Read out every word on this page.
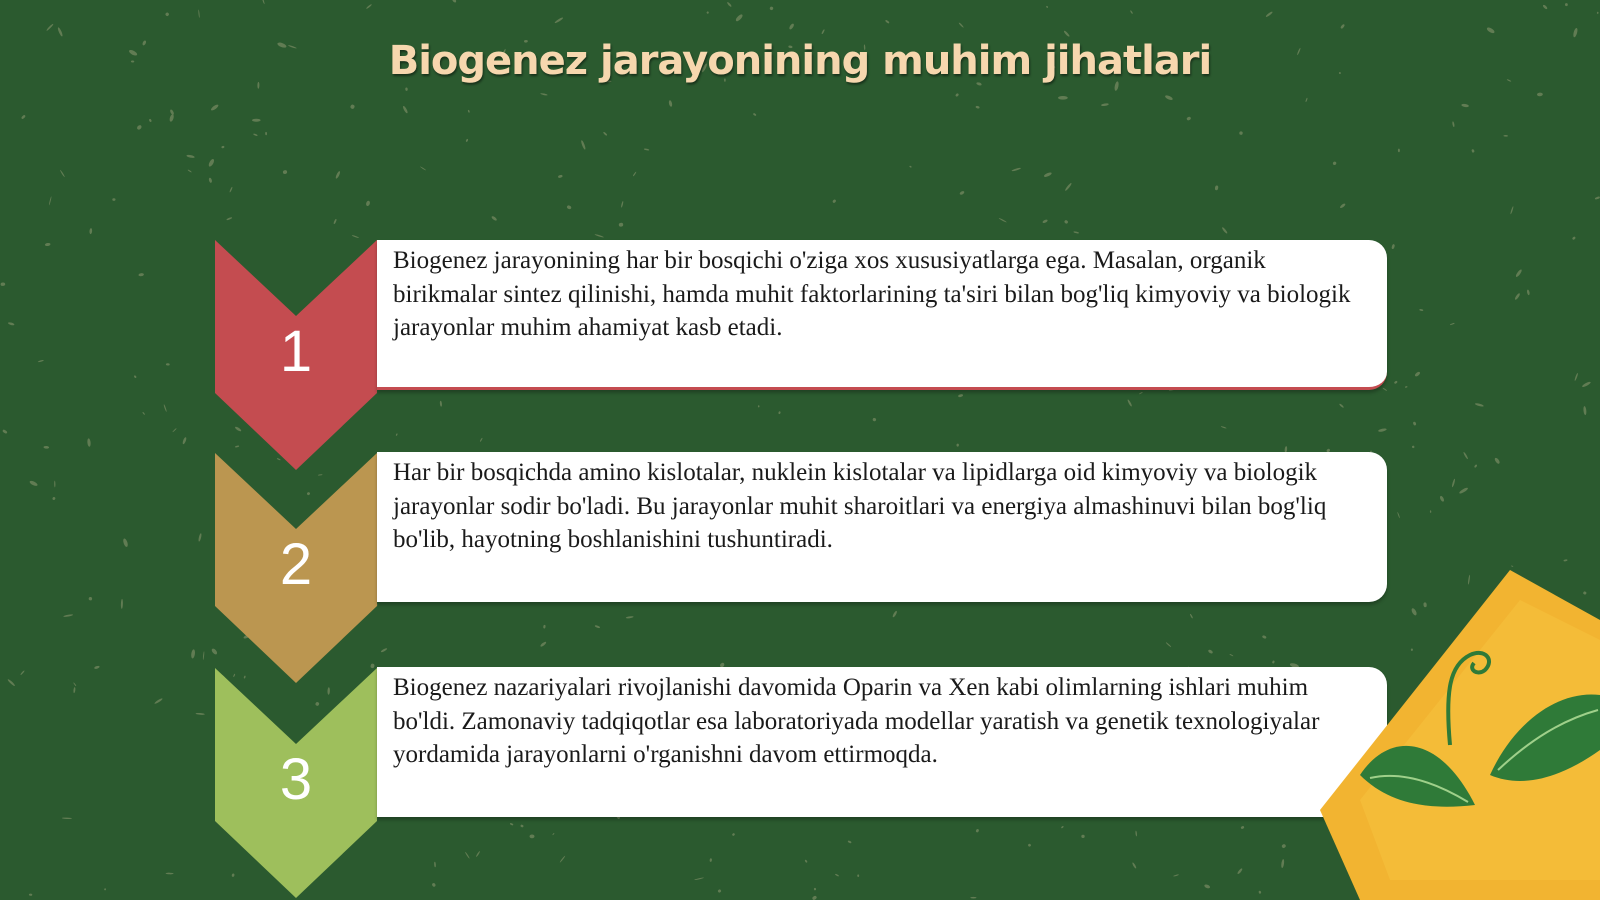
Biogenez jarayonining muhim jihatlari
1
Biogenez jarayonining har bir bosqichi o'ziga xos xususiyatlarga ega. Masalan, organik birikmalar sintez qilinishi, hamda muhit faktorlarining ta'siri bilan bog'liq kimyoviy va biologik jarayonlar muhim ahamiyat kasb etadi.
2
Har bir bosqichda amino kislotalar, nuklein kislotalar va lipidlarga oid kimyoviy va biologik jarayonlar sodir bo'ladi. Bu jarayonlar muhit sharoitlari va energiya almashinuvi bilan bog'liq bo'lib, hayotning boshlanishini tushuntiradi.
3
Biogenez nazariyalari rivojlanishi davomida Oparin va Xen kabi olimlarning ishlari muhim bo'ldi. Zamonaviy tadqiqotlar esa laboratoriyada modellar yaratish va genetik texnologiyalar yordamida jarayonlarni o'rganishni davom ettirmoqda.
